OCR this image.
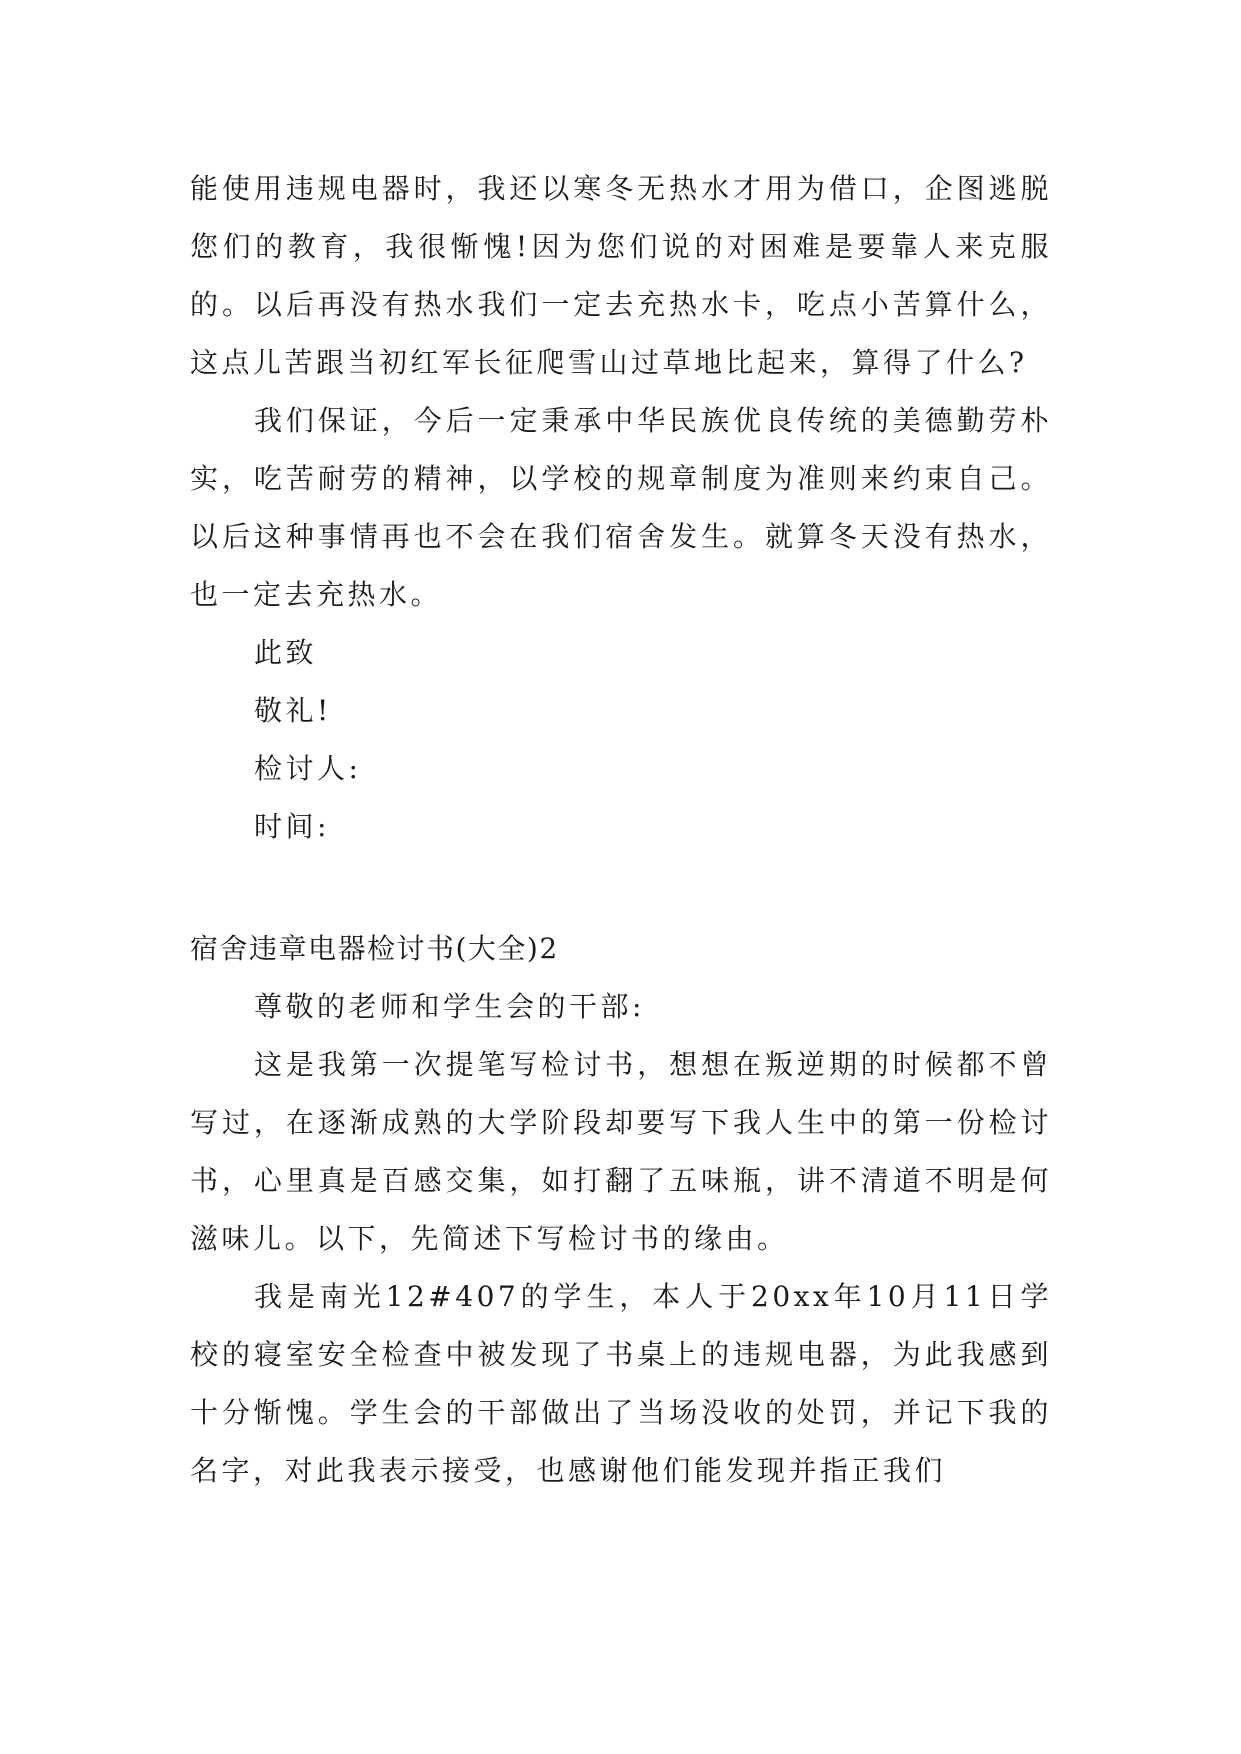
能使用违规电器时，我还以寒冬无热水才用为借口，企图逃脱您们的教育，我很惭愧!因为您们说的对困难是要靠人来克服的。以后再没有热水我们一定去充热水卡，吃点小苦算什么，这点儿苦跟当初红军长征爬雪山过草地比起来，算得了什么?

我们保证，今后一定秉承中华民族优良传统的美德勤劳朴实，吃苦耐劳的精神，以学校的规章制度为准则来约束自己。以后这种事情再也不会在我们宿舍发生。就算冬天没有热水，也一定去充热水。

此致

敬礼!

检讨人:

时间:

宿舍违章电器检讨书(大全)2

尊敬的老师和学生会的干部:

这是我第一次提笔写检讨书，想想在叛逆期的时候都不曾写过，在逐渐成熟的大学阶段却要写下我人生中的第一份检讨书，心里真是百感交集，如打翻了五味瓶，讲不清道不明是何滋味儿。以下，先简述下写检讨书的缘由。

我是南光12#407的学生，本人于20xx年10月11日学校的寝室安全检查中被发现了书桌上的违规电器，为此我感到十分惭愧。学生会的干部做出了当场没收的处罚，并记下我的名字，对此我表示接受，也感谢他们能发现并指正我们
